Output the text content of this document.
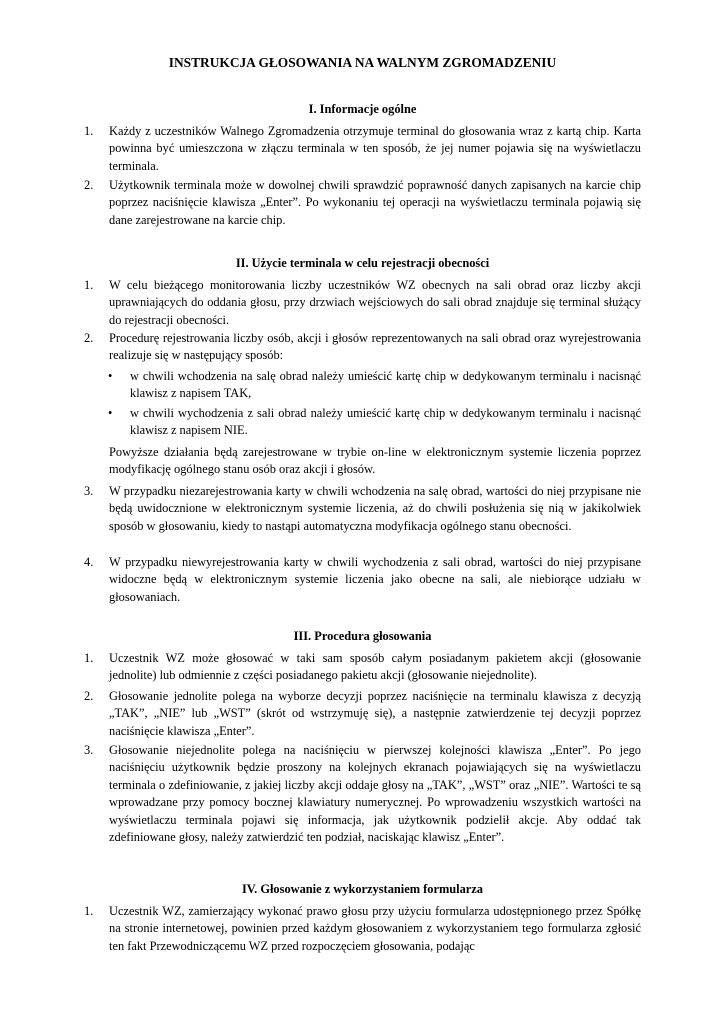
INSTRUKCJA GŁOSOWANIA NA WALNYM ZGROMADZENIU
I. Informacje ogólne
1. Każdy z uczestników Walnego Zgromadzenia otrzymuje terminal do głosowania wraz z kartą chip. Karta powinna być umieszczona w złączu terminala w ten sposób, że jej numer pojawia się na wyświetlaczu terminala.
2. Użytkownik terminala może w dowolnej chwili sprawdzić poprawność danych zapisanych na karcie chip poprzez naciśnięcie klawisza „Enter”. Po wykonaniu tej operacji na wyświetlaczu terminala pojawią się dane zarejestrowane na karcie chip.
II. Użycie terminala w celu rejestracji obecności
1. W celu bieżącego monitorowania liczby uczestników WZ obecnych na sali obrad oraz liczby akcji uprawniających do oddania głosu, przy drzwiach wejściowych do sali obrad znajduje się terminal służący do rejestracji obecności.
2. Procedurę rejestrowania liczby osób, akcji i głosów reprezentowanych na sali obrad oraz wyrejestrowania realizuje się w następujący sposób:
• w chwili wchodzenia na salę obrad należy umieścić kartę chip w dedykowanym terminalu i nacisnąć klawisz z napisem TAK,
• w chwili wychodzenia z sali obrad należy umieścić kartę chip w dedykowanym terminalu i nacisnąć klawisz z napisem NIE.
Powyższe działania będą zarejestrowane w trybie on-line w elektronicznym systemie liczenia poprzez modyfikację ogólnego stanu osób oraz akcji i głosów.
3. W przypadku niezarejestrowania karty w chwili wchodzenia na salę obrad, wartości do niej przypisane nie będą uwidocznione w elektronicznym systemie liczenia, aż do chwili posłużenia się nią w jakikolwiek sposób w głosowaniu, kiedy to nastąpi automatyczna modyfikacja ogólnego stanu obecności.
4. W przypadku niewyrejestrowania karty w chwili wychodzenia z sali obrad, wartości do niej przypisane widoczne będą w elektronicznym systemie liczenia jako obecne na sali, ale niebiorące udziału w głosowaniach.
III. Procedura głosowania
1. Uczestnik WZ może głosować w taki sam sposób całym posiadanym pakietem akcji (głosowanie jednolite) lub odmiennie z części posiadanego pakietu akcji (głosowanie niejednolite).
2. Głosowanie jednolite polega na wyborze decyzji poprzez naciśnięcie na terminalu klawisza z decyzją „TAK”, „NIE” lub „WST” (skrót od wstrzymuję się), a następnie zatwierdzenie tej decyzji poprzez naciśnięcie klawisza „Enter”.
3. Głosowanie niejednolite polega na naciśnięciu w pierwszej kolejności klawisza „Enter”. Po jego naciśnięciu użytkownik będzie proszony na kolejnych ekranach pojawiających się na wyświetlaczu terminala o zdefiniowanie, z jakiej liczby akcji oddaje głosy na „TAK”, „WST” oraz „NIE”. Wartości te są wprowadzane przy pomocy bocznej klawiatury numerycznej. Po wprowadzeniu wszystkich wartości na wyświetlaczu terminala pojawi się informacja, jak użytkownik podzielił akcje. Aby oddać tak zdefiniowane głosy, należy zatwierdzić ten podział, naciskając klawisz „Enter”.
IV. Głosowanie z wykorzystaniem formularza
1. Uczestnik WZ, zamierzający wykonać prawo głosu przy użyciu formularza udostępnionego przez Spółkę na stronie internetowej, powinien przed każdym głosowaniem z wykorzystaniem tego formularza zgłosić ten fakt Przewodniczącemu WZ przed rozpoczęciem głosowania, podając
